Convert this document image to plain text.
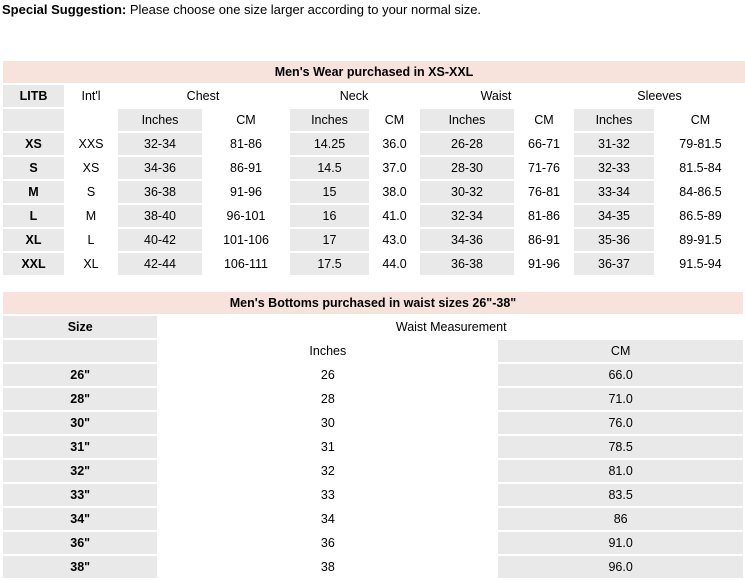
Special Suggestion: Please choose one size larger according to your normal size.
Men's Wear purchased in XS-XXL									
LITB	Int'l	Chest		Neck		Waist		Sleeves	
		Inches	CM	Inches	CM	Inches	CM	Inches	CM
XS	XXS	32-34	81-86	14.25	36.0	26-28	66-71	31-32	79-81.5
S	XS	34-36	86-91	14.5	37.0	28-30	71-76	32-33	81.5-84
M	S	36-38	91-96	15	38.0	30-32	76-81	33-34	84-86.5
L	M	38-40	96-101	16	41.0	32-34	81-86	34-35	86.5-89
XL	L	40-42	101-106	17	43.0	34-36	86-91	35-36	89-91.5
XXL	XL	42-44	106-111	17.5	44.0	36-38	91-96	36-37	91.5-94
Men's Bottoms purchased in waist sizes 26"-38"		
Size	Waist Measurement	
	Inches	CM
26"	26	66.0
28"	28	71.0
30"	30	76.0
31"	31	78.5
32"	32	81.0
33"	33	83.5
34"	34	86
36"	36	91.0
38"	38	96.0
